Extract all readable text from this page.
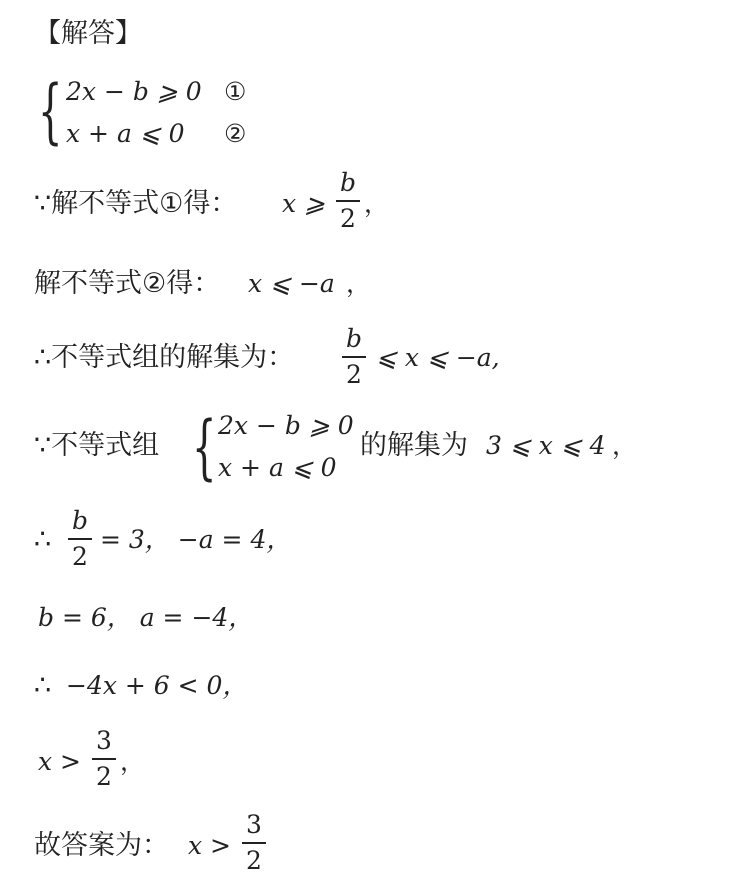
【解答】
{ 2x − b ⩾ 0 ①
x + a ⩽ 0 ②
∵解不等式①得： x ⩾
b
2 ，
解不等式②得： x ⩽ −a ，
∴不等式组的解集为：
b
2
⩽ x ⩽ −a,
∵不等式组 { 2x − b ⩾ 0
x + a ⩽ 0
的解集为 3 ⩽ x ⩽ 4 ，
∴
b
2
= 3， −a = 4，
b = 6， a = −4，
∴ −4x + 6 < 0，
x >
3
2 ，
故答案为： x >
3
2
